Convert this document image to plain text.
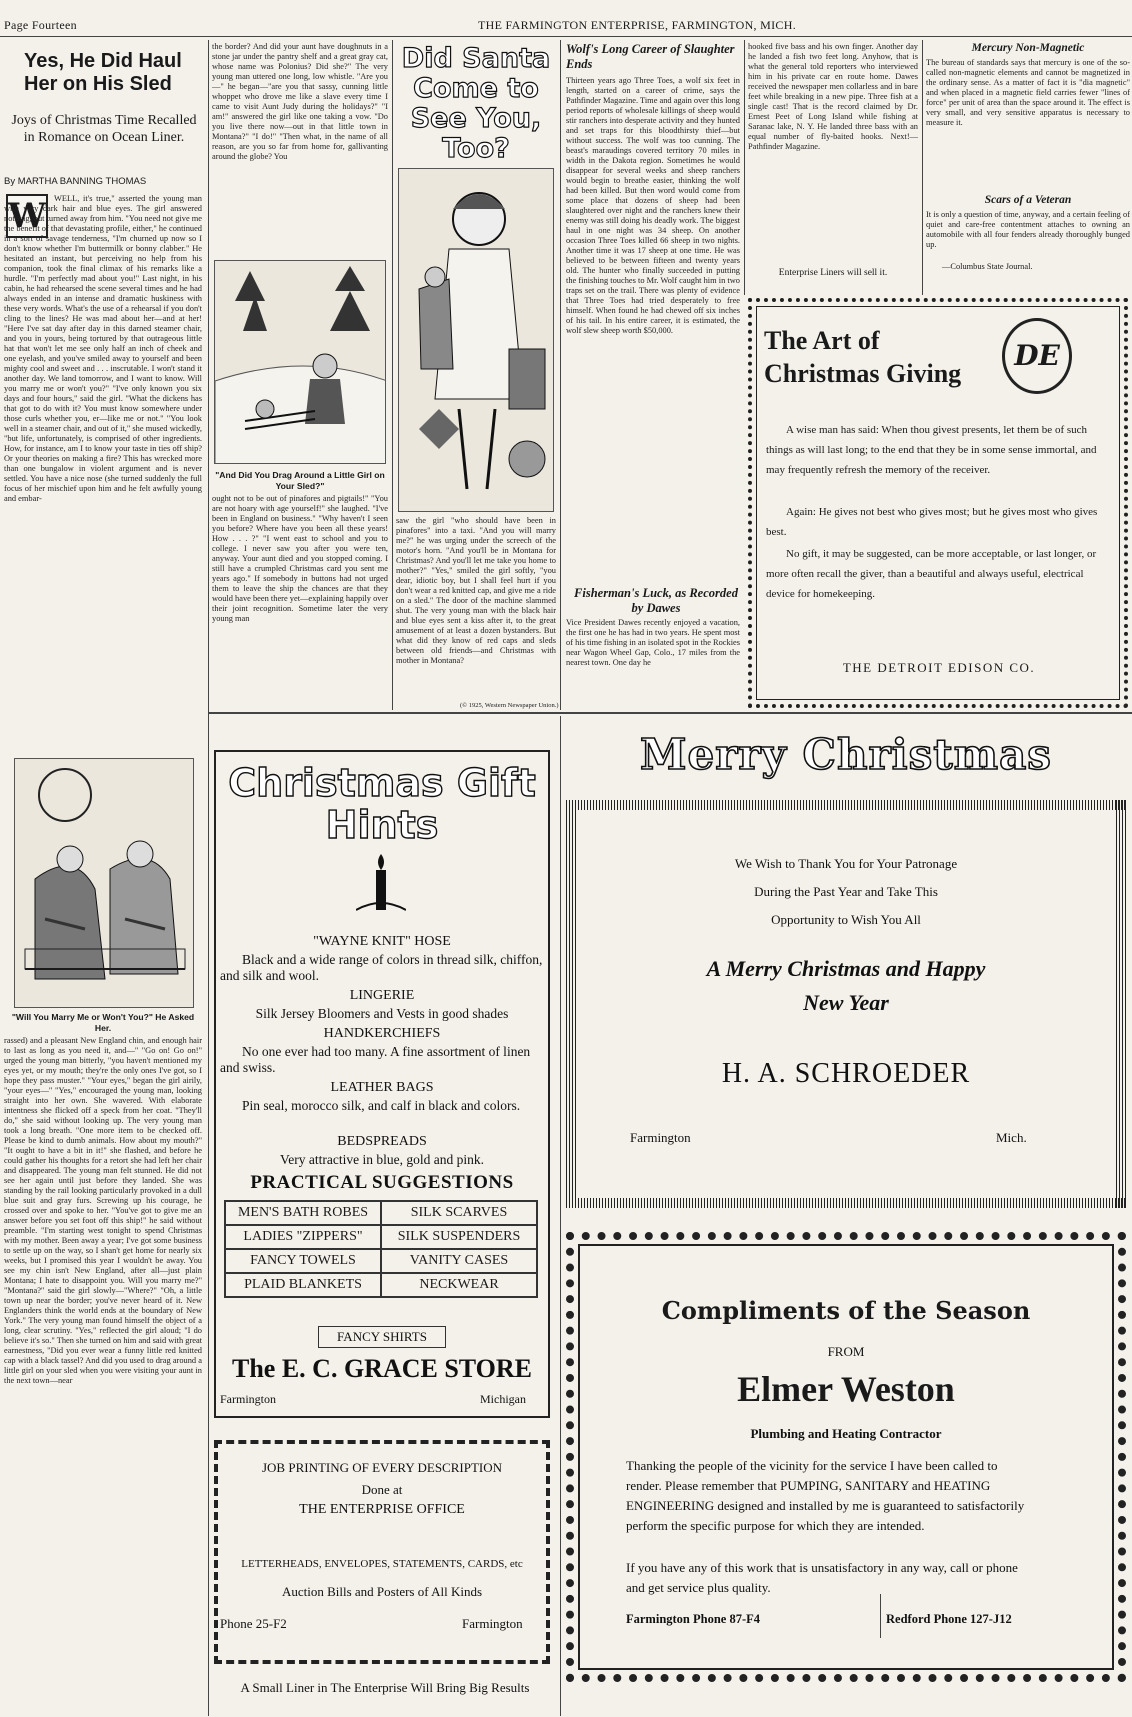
Page Fourteen	THE FARMINGTON ENTERPRISE, FARMINGTON, MICH.
Yes, He Did Haul Her on His Sled
Joys of Christmas Time Recalled in Romance on Ocean Liner.
By MARTHA BANNING THOMAS
W WELL, it's true," asserted the young man with very dark hair and blue eyes. The girl answered nothing, but turned away from him. "You need not give me the benefit of that devastating profile, either," he continued in a sort of savage tenderness, "I'm churned up now so I don't know whether I'm buttermilk or bonny clabber." He hesitated an instant, but perceiving no help from his companion, took the final climax of his remarks like a hurdle. "I'm perfectly mad about you!" Last night, in his cabin, he had rehearsed the scene several times and he had always ended in an intense and dramatic huskiness with these very words. What's the use of a rehearsal if you don't cling to the lines? He was mad about her—and at her! "Here I've sat day after day in this darned steamer chair, and you in yours, being tortured by that outrageous little hat that won't let me see only half an inch of cheek and one eyelash, and you've smiled away to yourself and been mighty cool and sweet and . . . inscrutable. I won't stand it another day. We land tomorrow, and I want to know. Will you marry me or won't you?" "I've only known you six days and four hours," said the girl. "What the dickens has that got to do with it? You must know somewhere under those curls whether you, er—like me or not." "You look well in a steamer chair, and out of it," she mused wickedly, "but life, unfortunately, is comprised of other ingredients. How, for instance, am I to know your taste in ties off ship? Or your theories on making a fire? This has wrecked more than one bungalow in violent argument and is never settled. You have a nice nose (she turned suddenly the full focus of her mischief upon him and he felt awfully young and embar-
"Will You Marry Me or Won't You?" He Asked Her.
rassed) and a pleasant New England chin, and enough hair to last as long as you need it, and—" "Go on! Go on!" urged the young man bitterly, "you haven't mentioned my eyes yet, or my mouth; they're the only ones I've got, so I hope they pass muster." "Your eyes," began the girl airily, "your eyes—" "Yes," encouraged the young man, looking straight into her own. She wavered. With elaborate intentness she flicked off a speck from her coat. "They'll do," she said without looking up. The very young man took a long breath. "One more item to be checked off. Please be kind to dumb animals. How about my mouth?" "It ought to have a bit in it!" she flashed, and before he could gather his thoughts for a retort she had left her chair and disappeared. The young man felt stunned. He did not see her again until just before they landed. She was standing by the rail looking particularly provoked in a dull blue suit and gray furs. Screwing up his courage, he crossed over and spoke to her. "You've got to give me an answer before you set foot off this ship!" he said without preamble. "I'm starting west tonight to spend Christmas with my mother. Been away a year; I've got some business to settle up on the way, so I shan't get home for nearly six weeks, but I promised this year I wouldn't be away. You see my chin isn't New England, after all—just plain Montana; I hate to disappoint you. Will you marry me?" "Montana?" said the girl slowly—"Where?" "Oh, a little town up near the border; you've never heard of it. New Englanders think the world ends at the boundary of New York." The very young man found himself the object of a long, clear scrutiny. "Yes," reflected the girl aloud; "I do believe it's so." Then she turned on him and said with great earnestness, "Did you ever wear a funny little red knitted cap with a black tassel? And did you used to drag around a little girl on your sled when you were visiting your aunt in the next town—near
the border? And did your aunt have doughnuts in a stone jar under the pantry shelf and a great gray cat, whose name was Polonius? Did she?" The very young man uttered one long, low whistle. "Are you—" he began—"are you that sassy, cunning little whoppet who drove me like a slave every time I came to visit Aunt Judy during the holidays?" "I am!" answered the girl like one taking a vow. "Do you live there now—out in that little town in Montana?" "I do!" "Then what, in the name of all reason, are you so far from home for, gallivanting around the globe? You
"And Did You Drag Around a Little Girl on Your Sled?"
ought not to be out of pinafores and pigtails!" "You are not hoary with age yourself!" she laughed. "I've been in England on business." "Why haven't I seen you before? Where have you been all these years! How . . . ?" "I went east to school and you to college. I never saw you after you were ten, anyway. Your aunt died and you stopped coming. I still have a crumpled Christmas card you sent me years ago." If somebody in buttons had not urged them to leave the ship the chances are that they would have been there yet—explaining happily over their joint recognition. Sometime later the very young man
Did Santa Come to See You, Too?
saw the girl "who should have been in pinafores" into a taxi. "And you will marry me?" he was urging under the screech of the motor's horn. "And you'll be in Montana for Christmas? And you'll let me take you home to mother?" "Yes," smiled the girl softly, "you dear, idiotic boy, but I shall feel hurt if you don't wear a red knitted cap, and give me a ride on a sled." The door of the machine slammed shut. The very young man with the black hair and blue eyes sent a kiss after it, to the great amusement of at least a dozen bystanders. But what did they know of red caps and sleds between old friends—and Christmas with mother in Montana?
(© 1925, Western Newspaper Union.)
Wolf's Long Career of Slaughter Ends
Thirteen years ago Three Toes, a wolf six feet in length, started on a career of crime, says the Pathfinder Magazine. Time and again over this long period reports of wholesale killings of sheep would stir ranchers into desperate activity and they hunted and set traps for this bloodthirsty thief—but without success. The wolf was too cunning. The beast's maraudings covered territory 70 miles in width in the Dakota region. Sometimes he would disappear for several weeks and sheep ranchers would begin to breathe easier, thinking the wolf had been killed. But then word would come from some place that dozens of sheep had been slaughtered over night and the ranchers knew their enemy was still doing his deadly work. The biggest haul in one night was 34 sheep. On another occasion Three Toes killed 66 sheep in two nights. Another time it was 17 sheep at one time. He was believed to be between fifteen and twenty years old. The hunter who finally succeeded in putting the finishing touches to Mr. Wolf caught him in two traps set on the trail. There was plenty of evidence that Three Toes had tried desperately to free himself. When found he had chewed off six inches of his tail. In his entire career, it is estimated, the wolf slew sheep worth $50,000.
Fisherman's Luck, as Recorded by Dawes
Vice President Dawes recently enjoyed a vacation, the first one he has had in two years. He spent most of his time fishing in an isolated spot in the Rockies near Wagon Wheel Gap, Colo., 17 miles from the nearest town. One day he
hooked five bass and his own finger. Another day he landed a fish two feet long. Anyhow, that is what the general told reporters who interviewed him in his private car en route home. Dawes received the newspaper men collarless and in bare feet while breaking in a new pipe. Three fish at a single cast! That is the record claimed by Dr. Ernest Peet of Long Island while fishing at Saranac lake, N. Y. He landed three bass with an equal number of fly-baited hooks. Next!—Pathfinder Magazine.
Enterprise Liners will sell it.
Mercury Non-Magnetic
The bureau of standards says that mercury is one of the so-called non-magnetic elements and cannot be magnetized in the ordinary sense. As a matter of fact it is "dia magnetic" and when placed in a magnetic field carries fewer "lines of force" per unit of area than the space around it. The effect is very small, and very sensitive apparatus is necessary to measure it.
Scars of a Veteran
It is only a question of time, anyway, and a certain feeling of quiet and care-free contentment attaches to owning an automobile with all four fenders already thoroughly bunged up.
—Columbus State Journal.
The Art of Christmas Giving
DE
A wise man has said: When thou givest presents, let them be of such things as will last long; to the end that they be in some sense immortal, and may frequently refresh the memory of the receiver.
Again: He gives not best who gives most; but he gives most who gives best.
No gift, it may be suggested, can be more acceptable, or last longer, or more often recall the giver, than a beautiful and always useful, electrical device for homekeeping.
THE DETROIT EDISON CO.
Christmas Gift Hints
"WAYNE KNIT" HOSE
Black and a wide range of colors in thread silk, chiffon, and silk and wool.
LINGERIE
Silk Jersey Bloomers and Vests in good shades
HANDKERCHIEFS
No one ever had too many. A fine assortment of linen and swiss.
LEATHER BAGS
Pin seal, morocco silk, and calf in black and colors.
BEDSPREADS
Very attractive in blue, gold and pink.
PRACTICAL SUGGESTIONS
MEN'S BATH ROBES	SILK SCARVES
LADIES "ZIPPERS"	SILK SUSPENDERS
FANCY TOWELS	VANITY CASES
PLAID BLANKETS	NECKWEAR
FANCY SHIRTS
The E. C. GRACE STORE
Farmington	Michigan
JOB PRINTING OF EVERY DESCRIPTION
Done at
THE ENTERPRISE OFFICE
LETTERHEADS, ENVELOPES, STATEMENTS, CARDS, etc
Auction Bills and Posters of All Kinds
Phone 25-F2	Farmington
A Small Liner in The Enterprise Will Bring Big Results
Merry Christmas
We Wish to Thank You for Your Patronage
During the Past Year and Take This
Opportunity to Wish You All
A Merry Christmas and Happy
New Year
H. A. SCHROEDER
Farmington	Mich.
Compliments of the Season
FROM
Elmer Weston
Plumbing and Heating Contractor
Thanking the people of the vicinity for the service I have been called to render. Please remember that PUMPING, SANITARY and HEATING ENGINEERING designed and installed by me is guaranteed to satisfactorily perform the specific purpose for which they are intended.
If you have any of this work that is unsatisfactory in any way, call or phone and get service plus quality.
Farmington Phone 87-F4	Redford Phone 127-J12
